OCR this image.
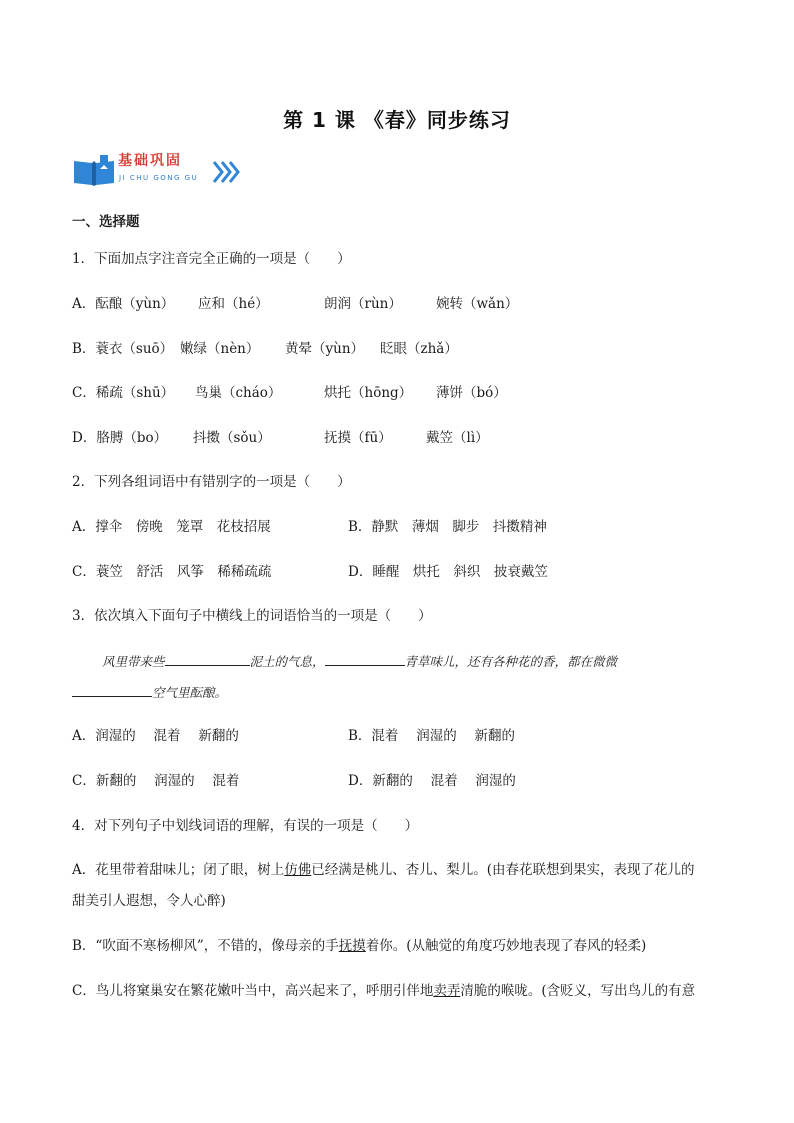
第 1 课 《春》同步练习
基础巩固
JI CHU GONG GU
一、选择题
1．下面加点字注音完全正确的一项是（　　）
A．酝酿（yùn） 应和（hé）	朗润（rùn）	婉转（wǎn）
B．蓑衣（suō） 嫩绿（nèn） 黄晕（yùn） 眨眼（zhǎ）
C．稀疏（shū） 鸟巢（cháo）	烘托（hōng） 薄饼（bó）
D．胳膊（bo） 抖擞（sǒu）	抚摸（fū）	戴笠（lì）
2．下列各组词语中有错别字的一项是（　　）
A．撑伞　傍晚　笼罩　花枝招展	B．静默　薄烟　脚步　抖擞精神
C．蓑笠　舒活　风筝　稀稀疏疏	D．睡醒　烘托　斜织　披衰戴笠
3．依次填入下面句子中横线上的词语恰当的一项是（　　）
风里带来些	泥土的气息，	青草味儿，还有各种花的香，都在微微
空气里酝酿。
A．润湿的　 混着　 新翻的	B．混着　 润湿的　 新翻的
C．新翻的　 润湿的　 混着	D．新翻的　 混着　 润湿的
4．对下列句子中划线词语的理解，有误的一项是（　　）
A．花里带着甜味儿；闭了眼，树上仿佛已经满是桃儿、杏儿、梨儿。(由春花联想到果实，表现了花儿的
甜美引人遐想，令人心醉)
B．“吹面不寒杨柳风”，不错的，像母亲的手抚摸着你。(从触觉的角度巧妙地表现了春风的轻柔)
C．鸟儿将窠巢安在繁花嫩叶当中，高兴起来了，呼朋引伴地卖弄清脆的喉咙。(含贬义，写出鸟儿的有意
